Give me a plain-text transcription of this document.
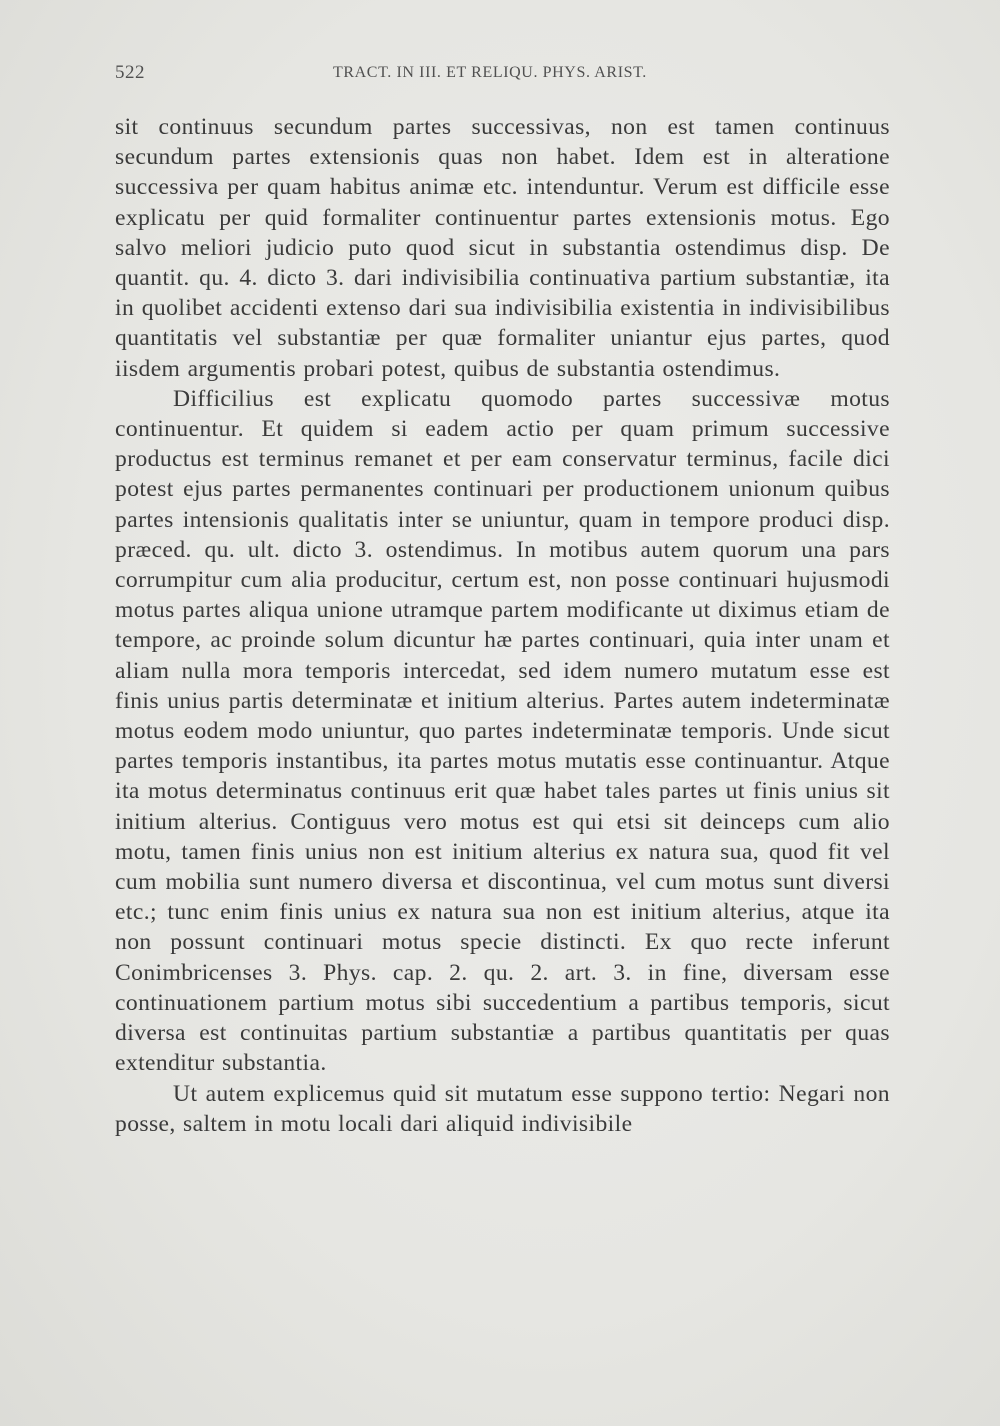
522	TRACT. IN III. ET RELIQU. PHYS. ARIST.

sit continuus secundum partes successivas, non est tamen continuus secundum partes extensionis quas non habet. Idem est in alteratione successiva per quam habitus animæ etc. intenduntur. Verum est difficile esse explicatu per quid formaliter continuentur partes extensionis motus. Ego salvo meliori judicio puto quod sicut in substantia ostendimus disp. De quantit. qu. 4. dicto 3. dari indivisibilia continuativa partium substantiæ, ita in quolibet accidenti extenso dari sua indivisibilia existentia in indivisibilibus quantitatis vel substantiæ per quæ formaliter uniantur ejus partes, quod iisdem argumentis probari potest, quibus de substantia ostendimus.

Difficilius est explicatu quomodo partes successivæ motus continuentur. Et quidem si eadem actio per quam primum successive productus est terminus remanet et per eam conservatur terminus, facile dici potest ejus partes permanentes continuari per productionem unionum quibus partes intensionis qualitatis inter se uniuntur, quam in tempore produci disp. præced. qu. ult. dicto 3. ostendimus. In motibus autem quorum una pars corrumpitur cum alia producitur, certum est, non posse continuari hujusmodi motus partes aliqua unione utramque partem modificante ut diximus etiam de tempore, ac proinde solum dicuntur hæ partes continuari, quia inter unam et aliam nulla mora temporis intercedat, sed idem numero mutatum esse est finis unius partis determinatæ et initium alterius. Partes autem indeterminatæ motus eodem modo uniuntur, quo partes indeterminatæ temporis. Unde sicut partes temporis instantibus, ita partes motus mutatis esse continuantur. Atque ita motus determinatus continuus erit quæ habet tales partes ut finis unius sit initium alterius. Contiguus vero motus est qui etsi sit deinceps cum alio motu, tamen finis unius non est initium alterius ex natura sua, quod fit vel cum mobilia sunt numero diversa et discontinua, vel cum motus sunt diversi etc.; tunc enim finis unius ex natura sua non est initium alterius, atque ita non possunt continuari motus specie distincti. Ex quo recte inferunt Conimbricenses 3. Phys. cap. 2. qu. 2. art. 3. in fine, diversam esse continuationem partium motus sibi succedentium a partibus temporis, sicut diversa est continuitas partium substantiæ a partibus quantitatis per quas extenditur substantia.

Ut autem explicemus quid sit mutatum esse suppono tertio: Negari non posse, saltem in motu locali dari aliquid indivisibile
